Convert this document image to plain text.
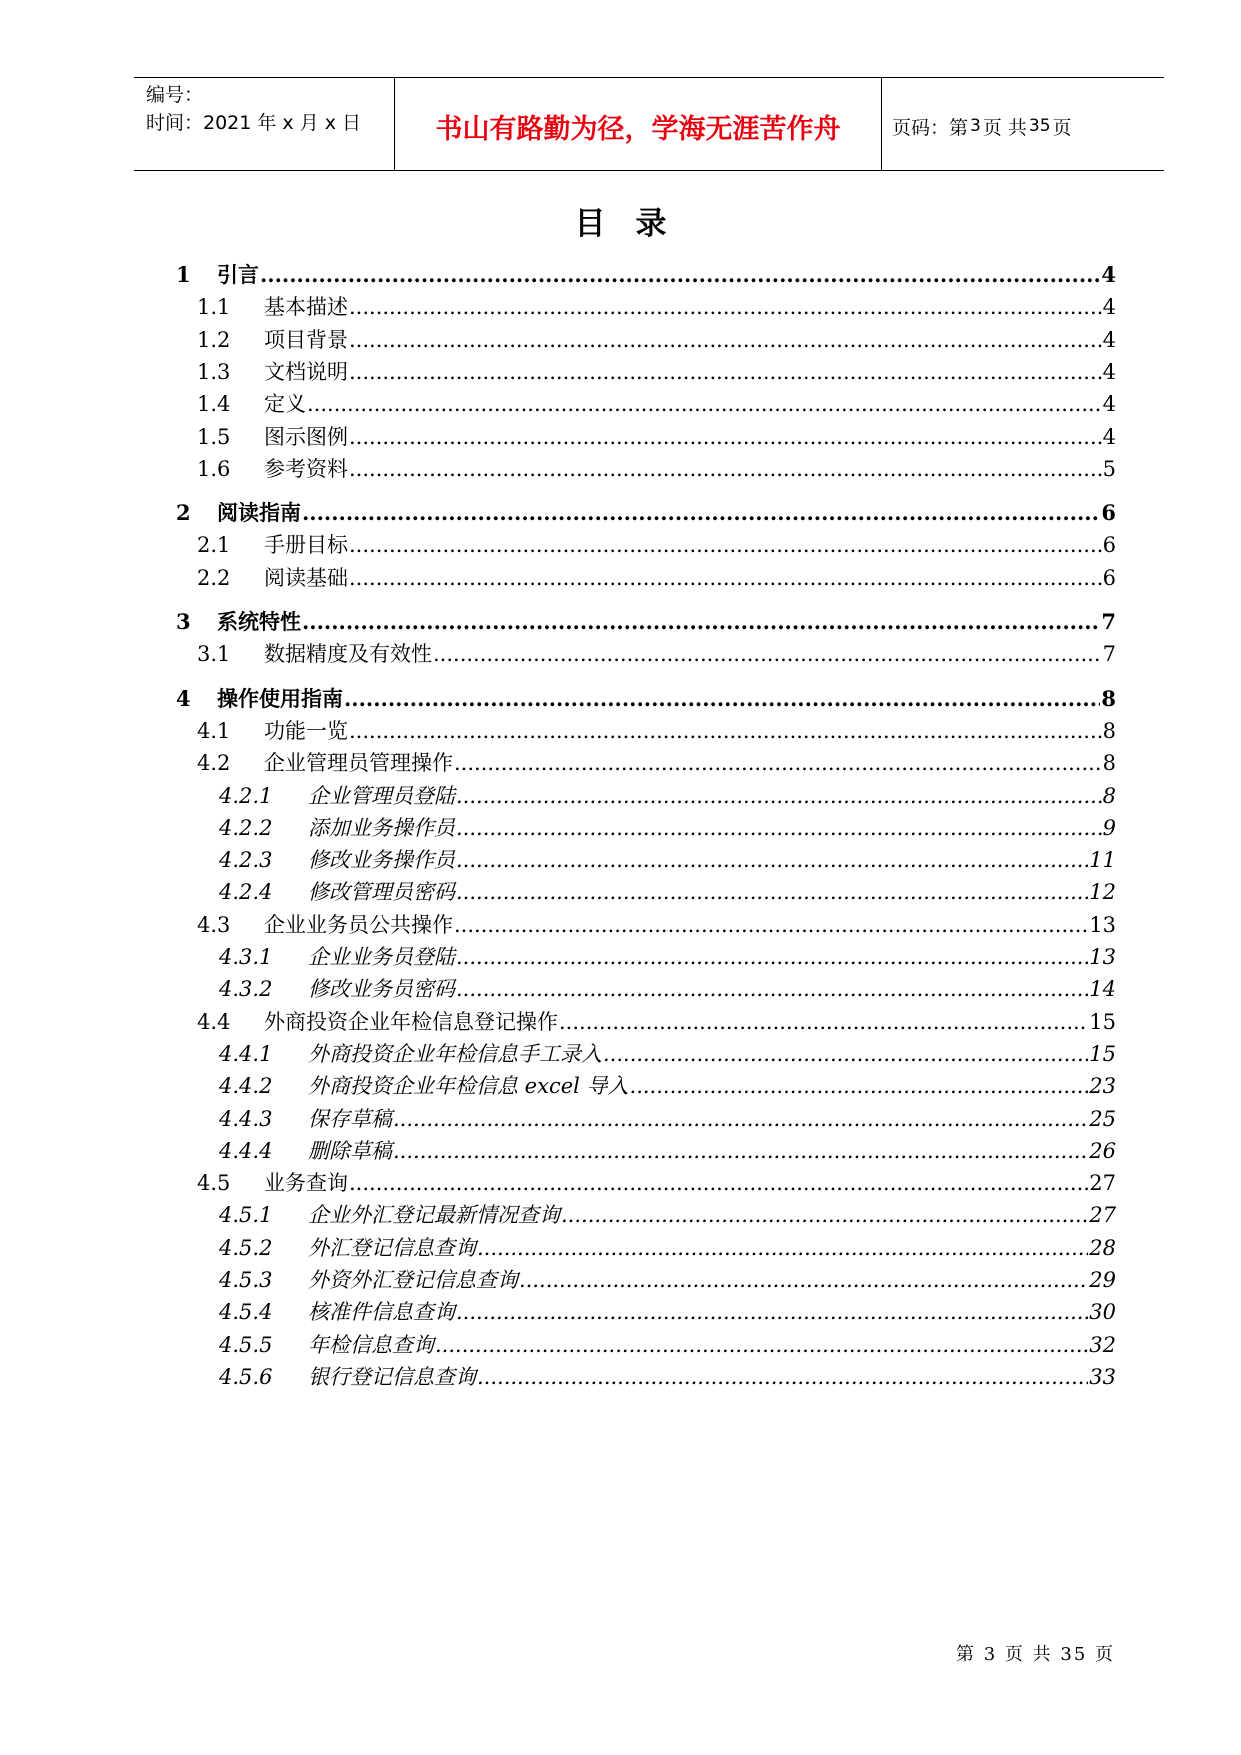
编号：
时间：2021 年 x 月 x 日	书山有路勤为径，学海无涯苦作舟	页码：第 3 页 共 35 页
目录
1	引言 .....	4
1.1	基本描述 .....	4
1.2	项目背景 .....	4
1.3	文档说明 .....	4
1.4	定义 .....	4
1.5	图示图例 .....	4
1.6	参考资料 .....	5
2	阅读指南 .....	6
2.1	手册目标 .....	6
2.2	阅读基础 .....	6
3	系统特性 .....	7
3.1	数据精度及有效性 .....	7
4	操作使用指南 .....	8
4.1	功能一览 .....	8
4.2	企业管理员管理操作 .....	8
4.2.1	企业管理员登陆 .....	8
4.2.2	添加业务操作员 .....	9
4.2.3	修改业务操作员 .....	11
4.2.4	修改管理员密码 .....	12
4.3	企业业务员公共操作 .....	13
4.3.1	企业业务员登陆 .....	13
4.3.2	修改业务员密码 .....	14
4.4	外商投资企业年检信息登记操作 .....	15
4.4.1	外商投资企业年检信息手工录入 .....	15
4.4.2	外商投资企业年检信息 excel 导入 .....	23
4.4.3	保存草稿 .....	25
4.4.4	删除草稿 .....	26
4.5	业务查询 .....	27
4.5.1	企业外汇登记最新情况查询 .....	27
4.5.2	外汇登记信息查询 .....	28
4.5.3	外资外汇登记信息查询 .....	29
4.5.4	核准件信息查询 .....	30
4.5.5	年检信息查询 .....	32
4.5.6	银行登记信息查询 .....	33
第 3 页 共 35 页
